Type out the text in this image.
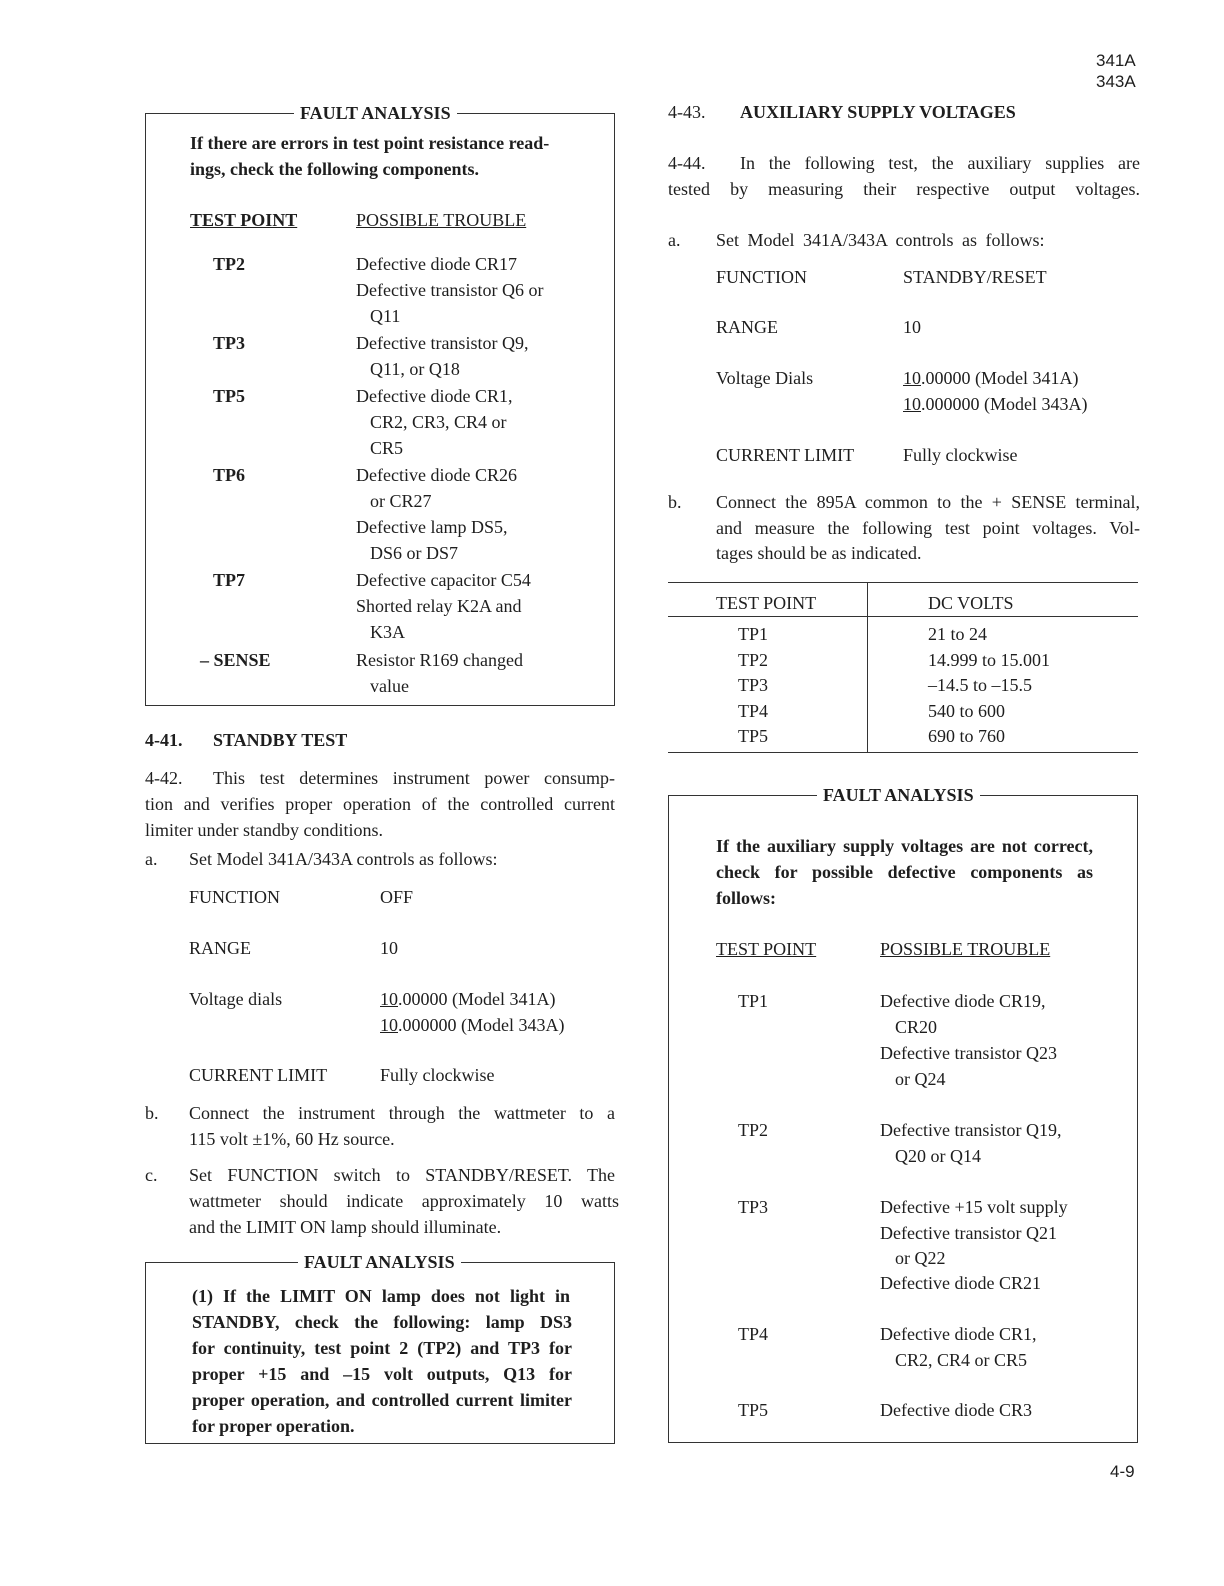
341A
343A
FAULT ANALYSIS
If there are errors in test point resistance read-
ings, check the following components.
TEST POINT	POSSIBLE TROUBLE
TP2	Defective diode CR17
Defective transistor Q6 or
Q11
TP3	Defective transistor Q9,
Q11, or Q18
TP5	Defective diode CR1,
CR2, CR3, CR4 or
CR5
TP6	Defective diode CR26
or CR27
Defective lamp DS5,
DS6 or DS7
TP7	Defective capacitor C54
Shorted relay K2A and
K3A
– SENSE	Resistor R169 changed
value
4-41. STANDBY TEST
4-42. This test determines instrument power consump-
tion and verifies proper operation of the controlled current
limiter under standby conditions.
a. Set Model 341A/343A controls as follows:
FUNCTION	OFF
RANGE	10
Voltage dials	10.00000 (Model 341A)
10.000000 (Model 343A)
CURRENT LIMIT	Fully clockwise
b. Connect the instrument through the wattmeter to a
115 volt ±1%, 60 Hz source.
c. Set FUNCTION switch to STANDBY/RESET. The
wattmeter should indicate approximately 10 watts
and the LIMIT ON lamp should illuminate.
FAULT ANALYSIS
(1) If the LIMIT ON lamp does not light in
STANDBY, check the following: lamp DS3
for continuity, test point 2 (TP2) and TP3 for
proper +15 and –15 volt outputs, Q13 for
proper operation, and controlled current limiter
for proper operation.
4-43. AUXILIARY SUPPLY VOLTAGES
4-44. In the following test, the auxiliary supplies are
tested by measuring their respective output voltages.
a. Set Model 341A/343A controls as follows:
FUNCTION	STANDBY/RESET
RANGE	10
Voltage Dials	10.00000 (Model 341A)
10.000000 (Model 343A)
CURRENT LIMIT	Fully clockwise
b. Connect the 895A common to the + SENSE terminal,
and measure the following test point voltages. Vol-
tages should be as indicated.
TEST POINT	DC VOLTS
TP1	21 to 24
TP2	14.999 to 15.001
TP3	–14.5 to –15.5
TP4	540 to 600
TP5	690 to 760
FAULT ANALYSIS
If the auxiliary supply voltages are not correct,
check for possible defective components as
follows:
TEST POINT	POSSIBLE TROUBLE
TP1	Defective diode CR19,
CR20
Defective transistor Q23
or Q24
TP2	Defective transistor Q19,
Q20 or Q14
TP3	Defective +15 volt supply
Defective transistor Q21
or Q22
Defective diode CR21
TP4	Defective diode CR1,
CR2, CR4 or CR5
TP5	Defective diode CR3
4-9
